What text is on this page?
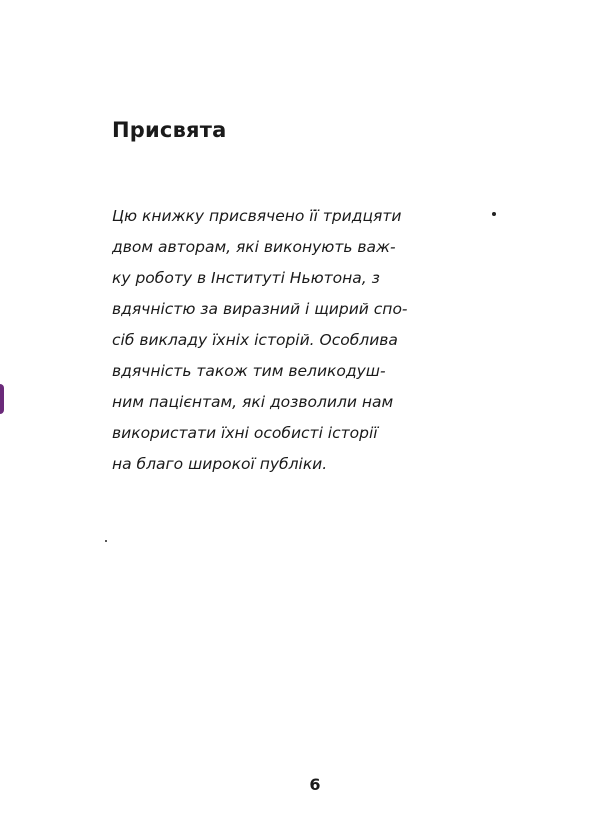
Присвята

Цю книжку присвячено її тридцяти
двом авторам, які виконують важ-
ку роботу в Інституті Ньютона, з
вдячністю за виразний і щирий спо-
сіб викладу їхніх історій. Особлива
вдячність також тим великодуш-
ним пацієнтам, які дозволили нам
використати їхні особисті історії
на благо широкої публіки.

6
